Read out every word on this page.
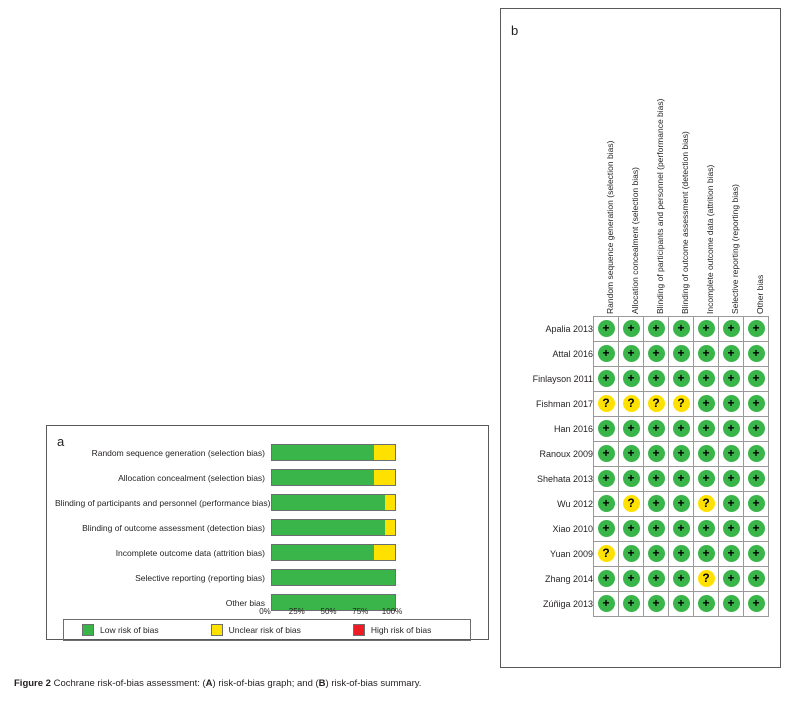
b

	Random sequence generation (selection bias)	Allocation concealment (selection bias)	Blinding of participants and personnel (performance bias)	Blinding of outcome assessment (detection bias)	Incomplete outcome data (attrition bias)	Selective reporting (reporting bias)	Other bias

Apalia 2013	+	+	+	+	+	+	+
Attal 2016	+	+	+	+	+	+	+
Finlayson 2011	+	+	+	+	+	+	+
Fishman 2017	?	?	?	?	+	+	+
Han 2016	+	+	+	+	+	+	+
Ranoux 2009	+	+	+	+	+	+	+
Shehata 2013	+	+	+	+	+	+	+
Wu 2012	+	?	+	+	?	+	+
Xiao 2010	+	+	+	+	+	+	+
Yuan 2009	?	+	+	+	+	+	+
Zhang 2014	+	+	+	+	?	+	+
Zúñiga 2013	+	+	+	+	+	+	+
a
Random sequence generation (selection bias)
Allocation concealment (selection bias)
Blinding of participants and personnel (performance bias)
Blinding of outcome assessment (detection bias)
Incomplete outcome data (attrition bias)
Selective reporting (reporting bias)
Other bias
0% 25% 50% 75% 100%
Low risk of bias	Unclear risk of bias	High risk of bias
Figure 2 Cochrane risk-of-bias assessment: (A) risk-of-bias graph; and (B) risk-of-bias summary.
